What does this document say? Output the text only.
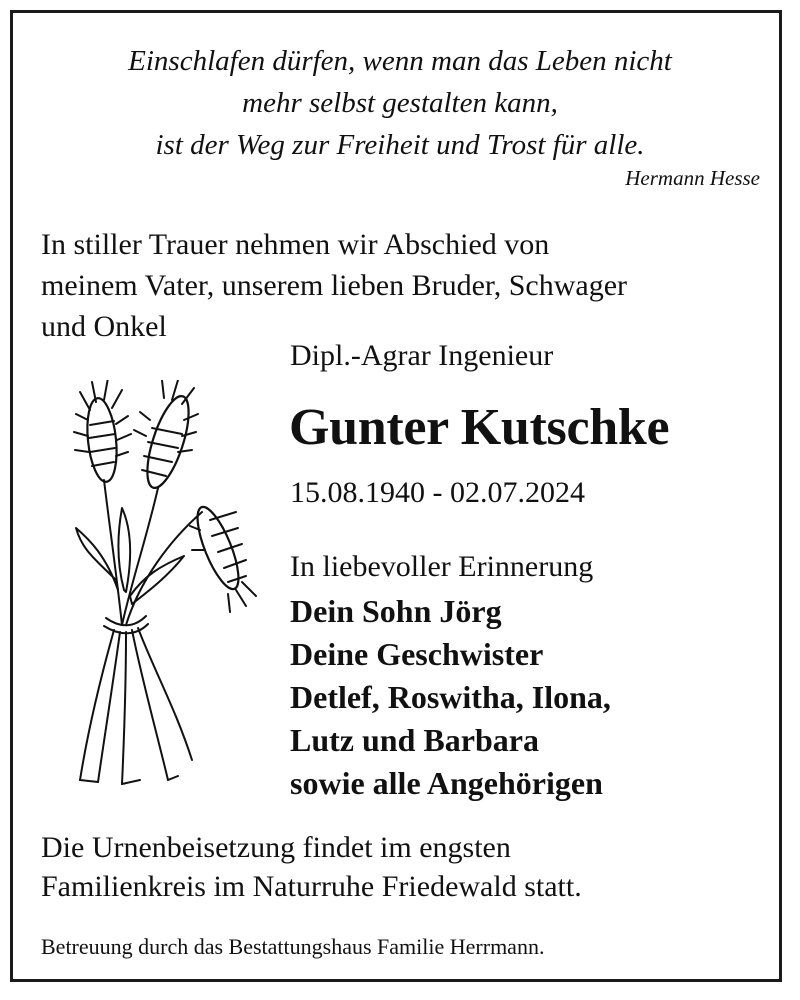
Einschlafen dürfen, wenn man das Leben nicht
mehr selbst gestalten kann,
ist der Weg zur Freiheit und Trost für alle.
Hermann Hesse
In stiller Trauer nehmen wir Abschied von
meinem Vater, unserem lieben Bruder, Schwager
und Onkel
Dipl.-Agrar Ingenieur
Gunter Kutschke
15.08.1940 - 02.07.2024
In liebevoller Erinnerung
Dein Sohn Jörg
Deine Geschwister
Detlef, Roswitha, Ilona,
Lutz und Barbara
sowie alle Angehörigen
Die Urnenbeisetzung findet im engsten
Familienkreis im Naturruhe Friedewald statt.
Betreuung durch das Bestattungshaus Familie Herrmann.
